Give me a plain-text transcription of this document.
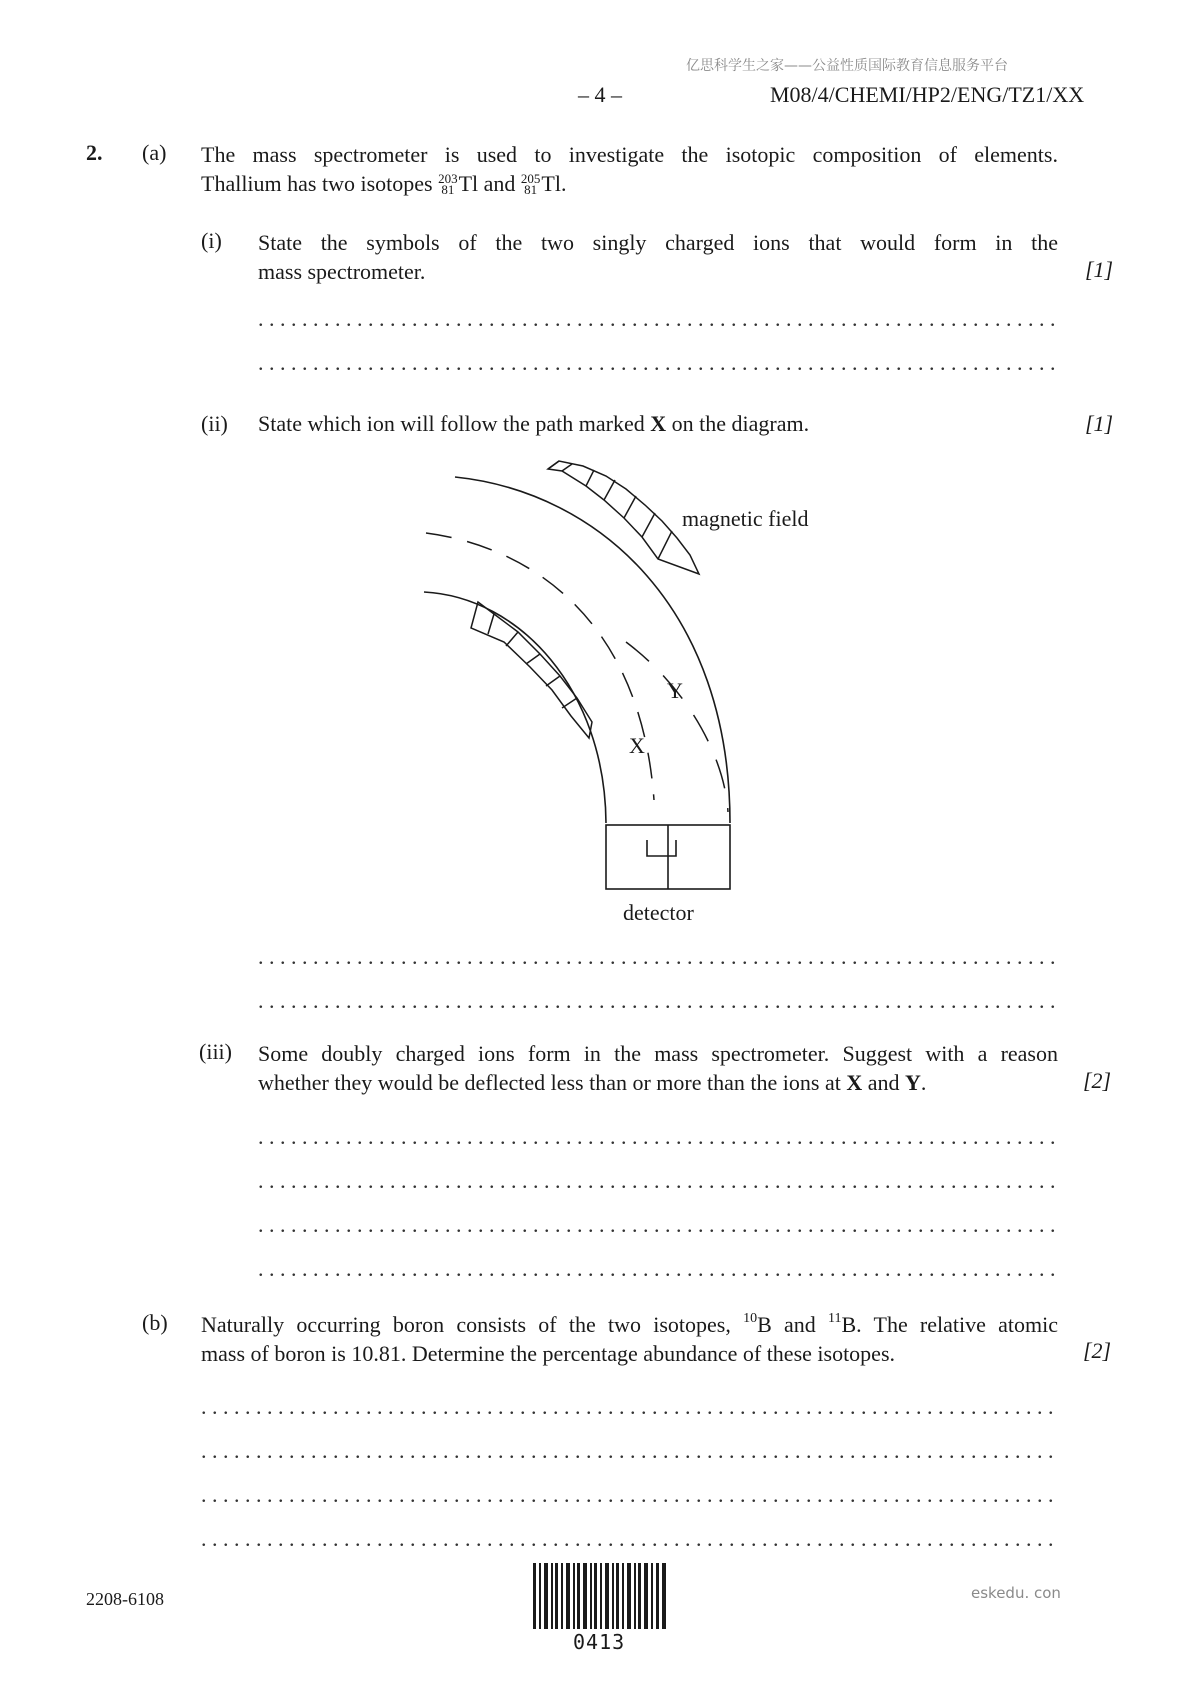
亿思科学生之家——公益性质国际教育信息服务平台
– 4 –	M08/4/CHEMI/HP2/ENG/TZ1/XX
2. (a) The mass spectrometer is used to investigate the isotopic composition of elements.
Thallium has two isotopes 203
81 Tl and 205
81 Tl.
(i) State the symbols of the two singly charged ions that would form in the
mass spectrometer.	[1]
. . .
. . .
(ii) State which ion will follow the path marked X on the diagram.	[1]
magnetic field
Y
X
detector
. . .
. . .
(iii) Some doubly charged ions form in the mass spectrometer. Suggest with a reason
whether they would be deflected less than or more than the ions at X and Y.	[2]
. . .
. . .
. . .
. . .
(b) Naturally occurring boron consists of the two isotopes, $^{10}$B and $^{11}$B. The relative atomic
mass of boron is 10.81. Determine the percentage abundance of these isotopes.	[2]
. . .
. . .
. . .
. . .
2208-6108
0413
eskedu. con
